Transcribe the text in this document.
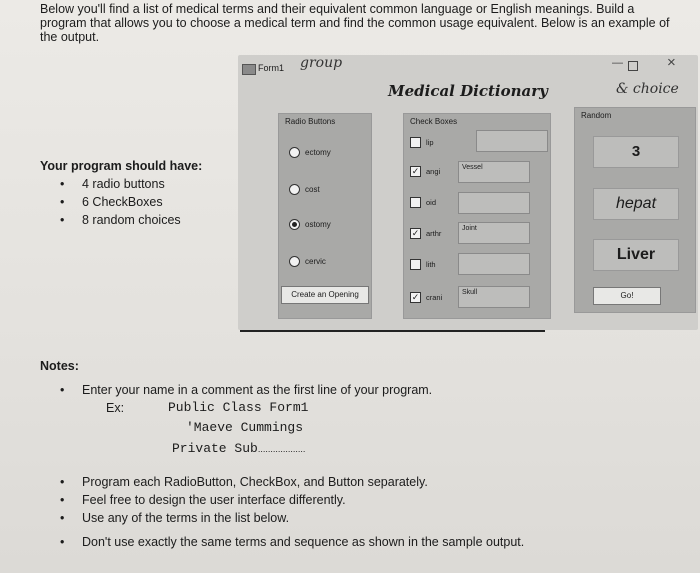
Below you'll find a list of medical terms and their equivalent common language or English meanings. Build a program that allows you to choose a medical term and find the common usage equivalent. Below is an example of the output.
Your program should have:
• 4 radio buttons
• 6 CheckBoxes
• 8 random choices
Form1 group	—	×
Medical Dictionary	& choice
Radio Buttons
ectomy
cost
ostomy
cervic
Create an Opening
Check Boxes
lip
✓ angi	Vessel
oid
✓ arthr
Joint
lith
✓ crani
Skull
Random
3
hepat
Liver
Go!
Notes:
• Enter your name in a comment as the first line of your program.
Ex:	Public Class Form1
'Maeve Cummings
Private Sub...................
• Program each RadioButton, CheckBox, and Button separately.
• Feel free to design the user interface differently.
• Use any of the terms in the list below.
• Don't use exactly the same terms and sequence as shown in the sample output.
